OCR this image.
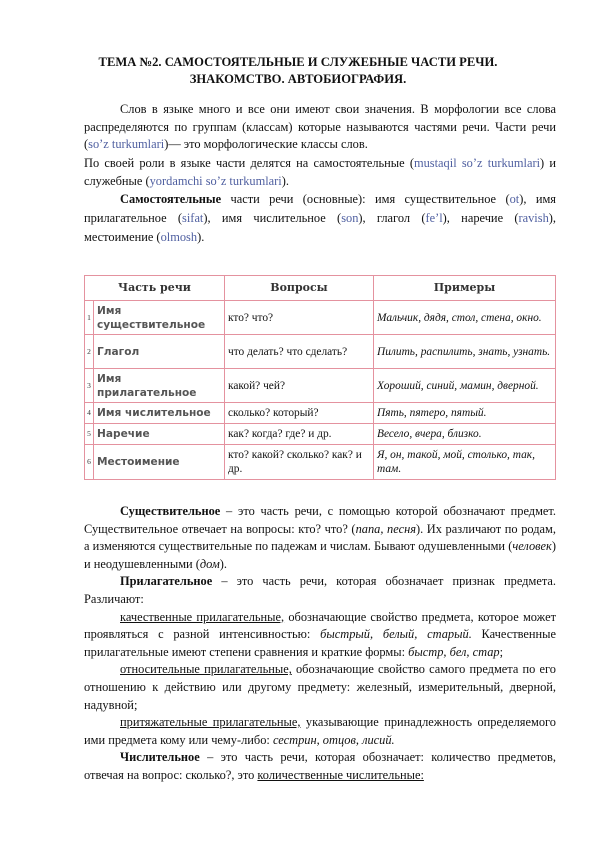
ТЕМА №2. САМОСТОЯТЕЛЬНЫЕ И СЛУЖЕБНЫЕ ЧАСТИ РЕЧИ.
ЗНАКОМСТВО. АВТОБИОГРАФИЯ.
Слов в языке много и все они имеют свои значения. В морфологии все слова распределяются по группам (классам) которые называются частями речи. Части речи (so’z turkumlari)— это морфологические классы слов.
По своей роли в языке части делятся на самостоятельные (mustaqil so’z turkumlari) и служебные (yordamchi so’z turkumlari).
Самостоятельные части речи (основные): имя существительное (ot), имя прилагательное (sifat), имя числительное (son), глагол (fe’l), наречие (ravish), местоимение (olmosh).
Часть речи		Вопросы	Примеры
1	Имя существительное	кто? что?	Мальчик, дядя, стол, стена, окно.
2	Глагол	что делать? что сделать?	Пилить, распилить, знать, узнать.
3	Имя прилагательное	какой? чей?	Хороший, синий, мамин, дверной.
4	Имя числительное	сколько? который?	Пять, пятеро, пятый.
5	Наречие	как? когда? где? и др.	Весело, вчера, близко.
6	Местоимение	кто? какой? сколько? как? и др.	Я, он, такой, мой, столько, так, там.

Существительное – это часть речи, с помощью которой обозначают предмет. Существительное отвечает на вопросы: кто? что? (папа, песня). Их различают по родам, а изменяются существительные по падежам и числам. Бывают одушевленными (человек) и неодушевленными (дом).

Прилагательное – это часть речи, которая обозначает признак предмета. Различают:

качественные прилагательные, обозначающие свойство предмета, которое может проявляться с разной интенсивностью: быстрый, белый, старый. Качественные прилагательные имеют степени сравнения и краткие формы: быстр, бел, стар;

относительные прилагательные, обозначающие свойство самого предмета по его отношению к действию или другому предмету: железный, измерительный, дверной, надувной;

притяжательные прилагательные, указывающие принадлежность определяемого ими предмета кому или чему-либо: сестрин, отцов, лисий.

Числительное – это часть речи, которая обозначает: количество предметов, отвечая на вопрос: сколько?, это количественные числительные:
